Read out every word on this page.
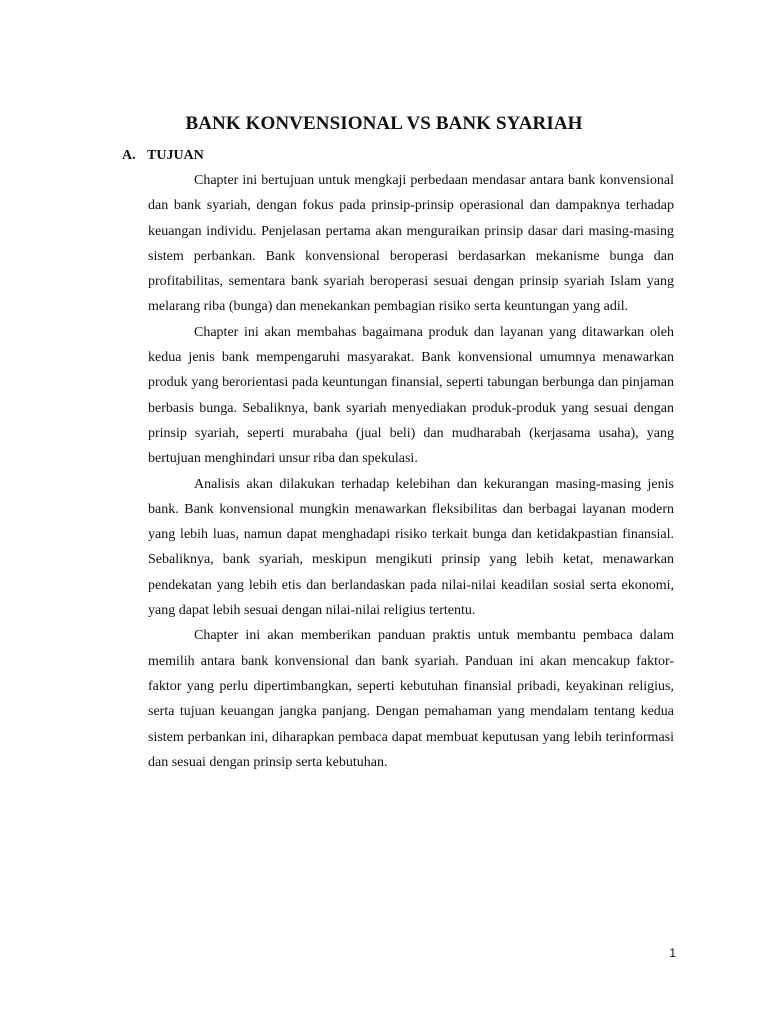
BANK KONVENSIONAL VS BANK SYARIAH
A. TUJUAN

Chapter ini bertujuan untuk mengkaji perbedaan mendasar antara bank konvensional dan bank syariah, dengan fokus pada prinsip-prinsip operasional dan dampaknya terhadap keuangan individu. Penjelasan pertama akan menguraikan prinsip dasar dari masing-masing sistem perbankan. Bank konvensional beroperasi berdasarkan mekanisme bunga dan profitabilitas, sementara bank syariah beroperasi sesuai dengan prinsip syariah Islam yang melarang riba (bunga) dan menekankan pembagian risiko serta keuntungan yang adil.

Chapter ini akan membahas bagaimana produk dan layanan yang ditawarkan oleh kedua jenis bank mempengaruhi masyarakat. Bank konvensional umumnya menawarkan produk yang berorientasi pada keuntungan finansial, seperti tabungan berbunga dan pinjaman berbasis bunga. Sebaliknya, bank syariah menyediakan produk-produk yang sesuai dengan prinsip syariah, seperti murabaha (jual beli) dan mudharabah (kerjasama usaha), yang bertujuan menghindari unsur riba dan spekulasi.

Analisis akan dilakukan terhadap kelebihan dan kekurangan masing-masing jenis bank. Bank konvensional mungkin menawarkan fleksibilitas dan berbagai layanan modern yang lebih luas, namun dapat menghadapi risiko terkait bunga dan ketidakpastian finansial. Sebaliknya, bank syariah, meskipun mengikuti prinsip yang lebih ketat, menawarkan pendekatan yang lebih etis dan berlandaskan pada nilai-nilai keadilan sosial serta ekonomi, yang dapat lebih sesuai dengan nilai-nilai religius tertentu.

Chapter ini akan memberikan panduan praktis untuk membantu pembaca dalam memilih antara bank konvensional dan bank syariah. Panduan ini akan mencakup faktor-faktor yang perlu dipertimbangkan, seperti kebutuhan finansial pribadi, keyakinan religius, serta tujuan keuangan jangka panjang. Dengan pemahaman yang mendalam tentang kedua sistem perbankan ini, diharapkan pembaca dapat membuat keputusan yang lebih terinformasi dan sesuai dengan prinsip serta kebutuhan.

1
